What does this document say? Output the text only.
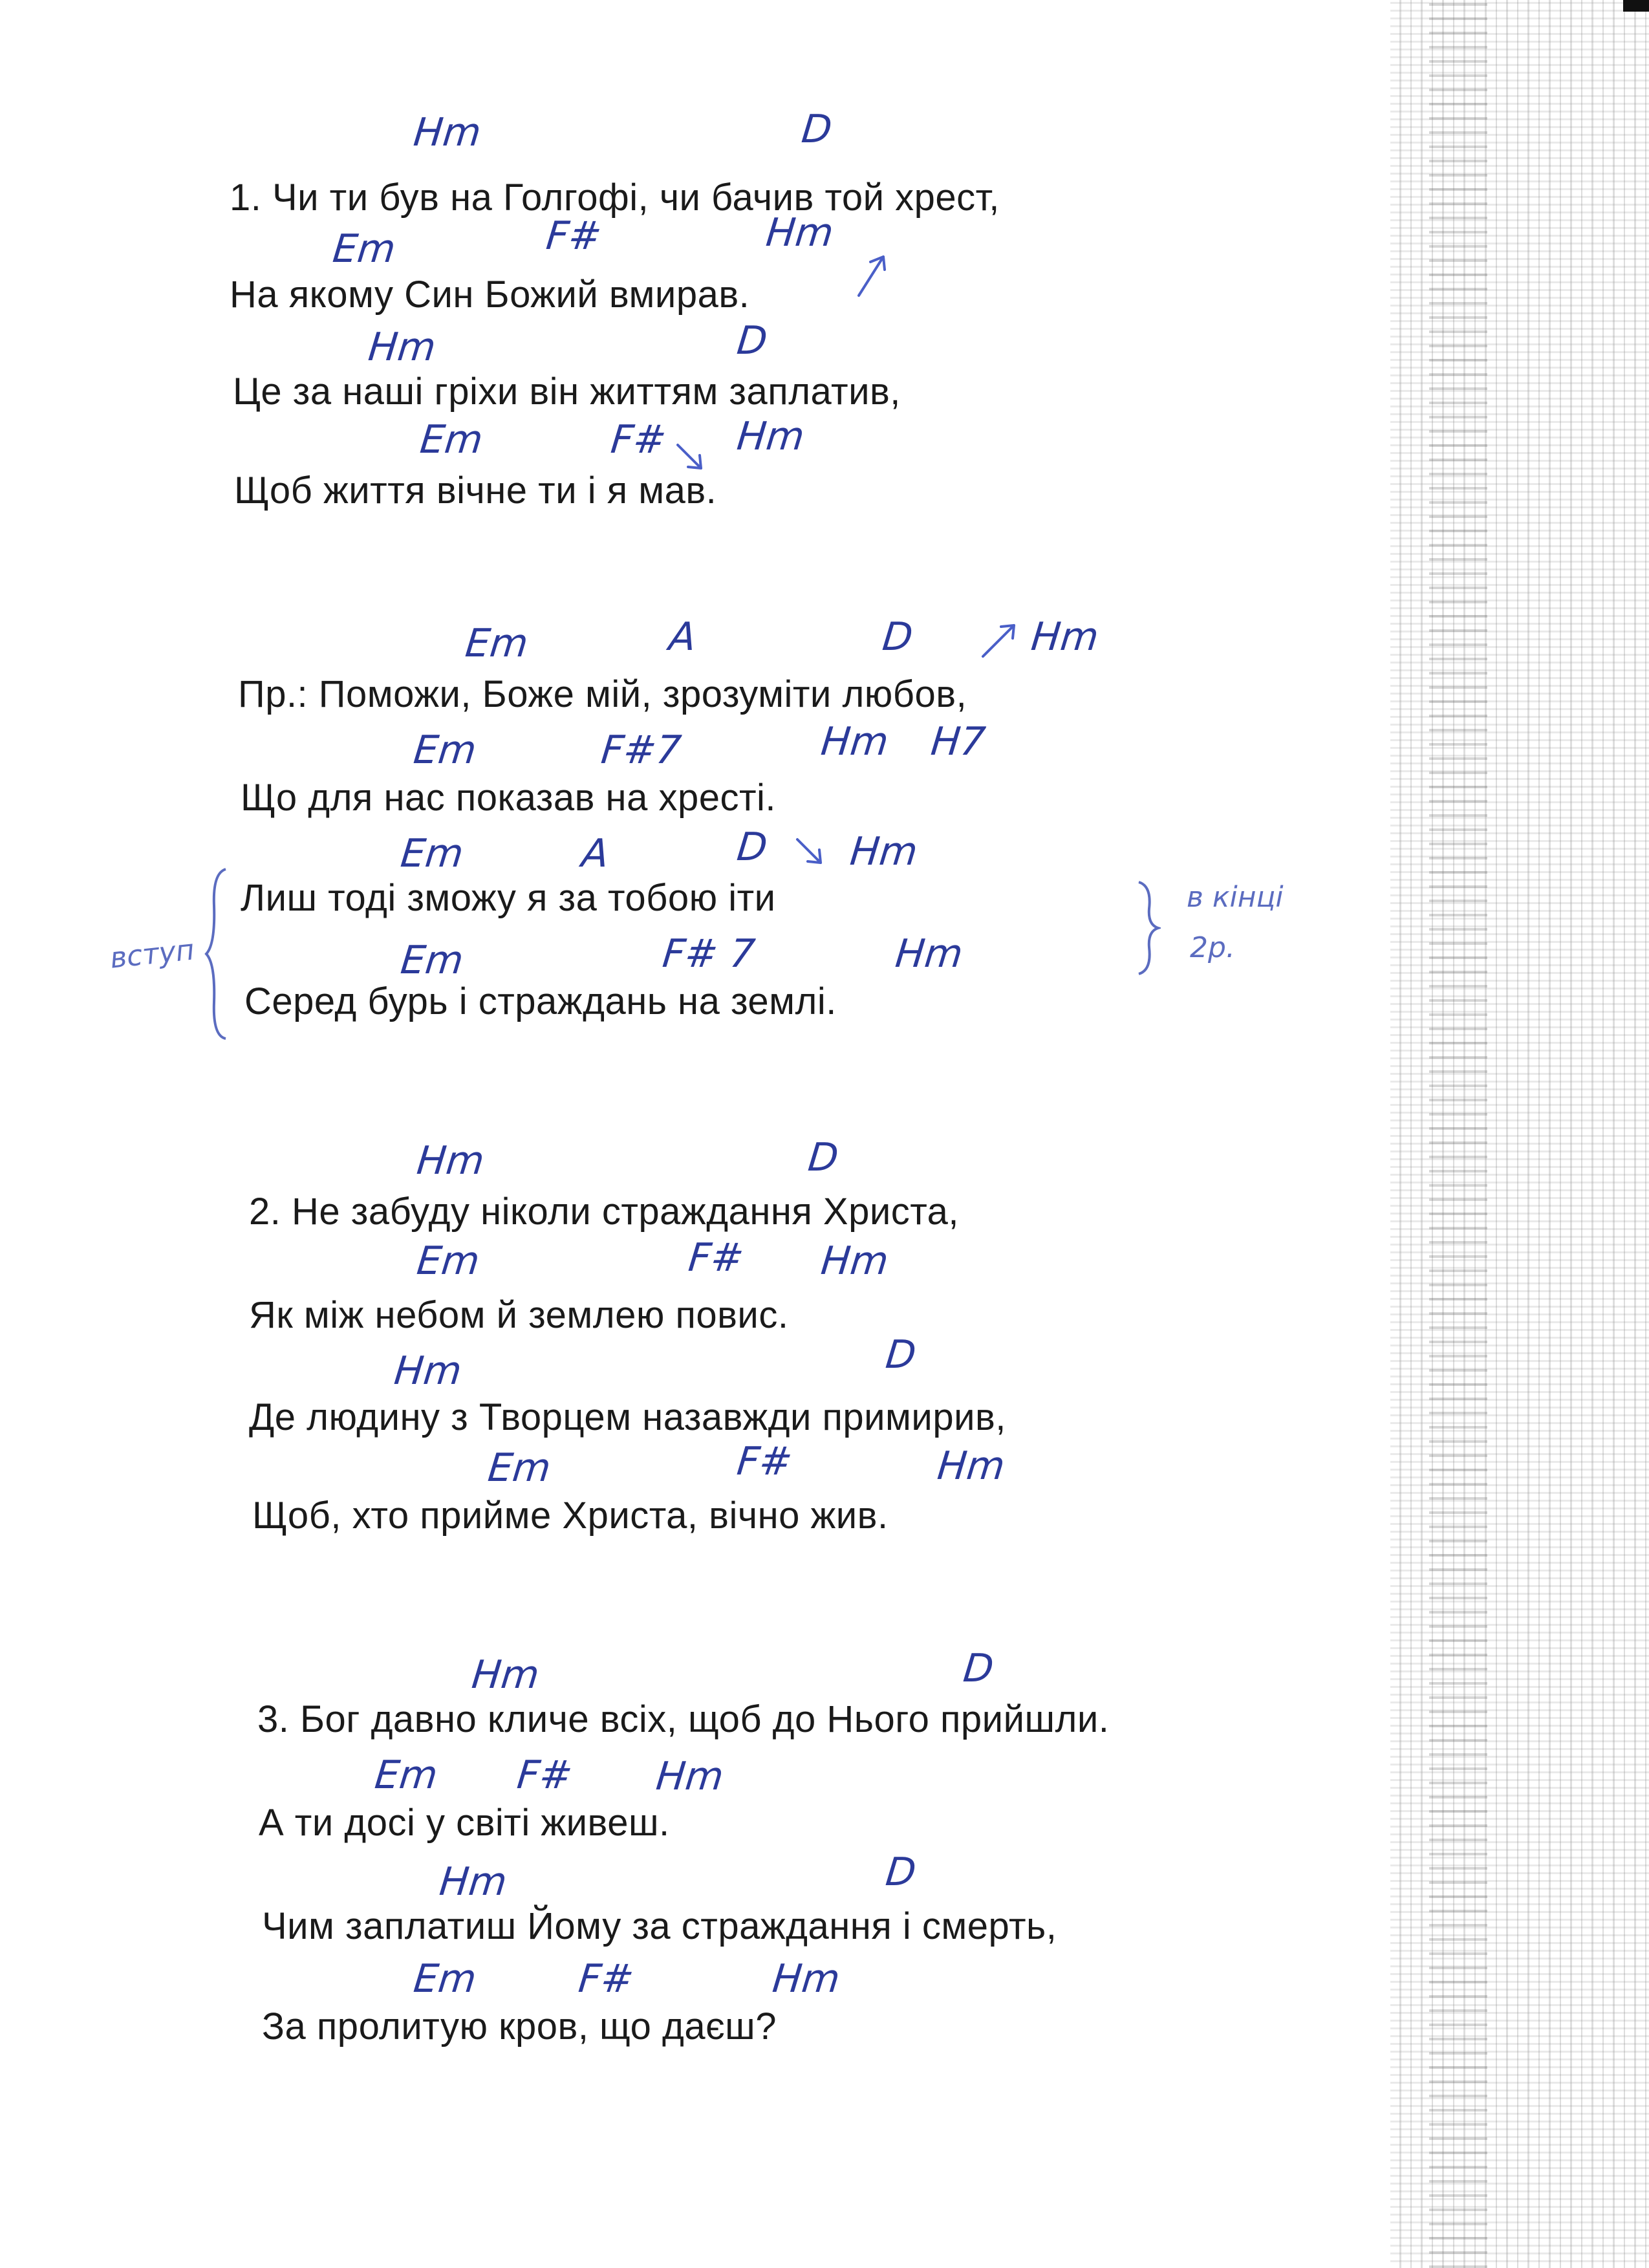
Hm	D
1. Чи ти був на Голгофі, чи бачив той хрест,
Em	F#	Hm
На якому Син Божий вмирав.
Hm	D
Це за наші гріхи він життям заплатив,
Em	F# Hm
Щоб життя вічне ти і я мав.
Em	A	D	Hm
Пр.: Поможи, Боже мій, зрозуміти любов,
Em	F#7	Hm H7
Що для нас показав на хресті.
Em	A	D Hm
Лиш тоді зможу я за тобою іти
Em	F# 7	Hm
Серед бурь і страждань на землі.
вступ
в кінці
2р.
Hm	D
2. Не забуду ніколи страждання Христа,
Em	F# Hm
Як між небом й землею повис.
Hm	D
Де людину з Творцем назавжди примирив,
Em	F#	Hm
Щоб, хто прийме Христа, вічно жив.
Hm	D
3. Бог давно кличе всіх, щоб до Нього прийшли.
Em F# Hm
А ти досі у світі живеш.
Hm	D
Чим заплатиш Йому за страждання і смерть,
Em	F#	Hm
За пролитую кров, що даєш?
